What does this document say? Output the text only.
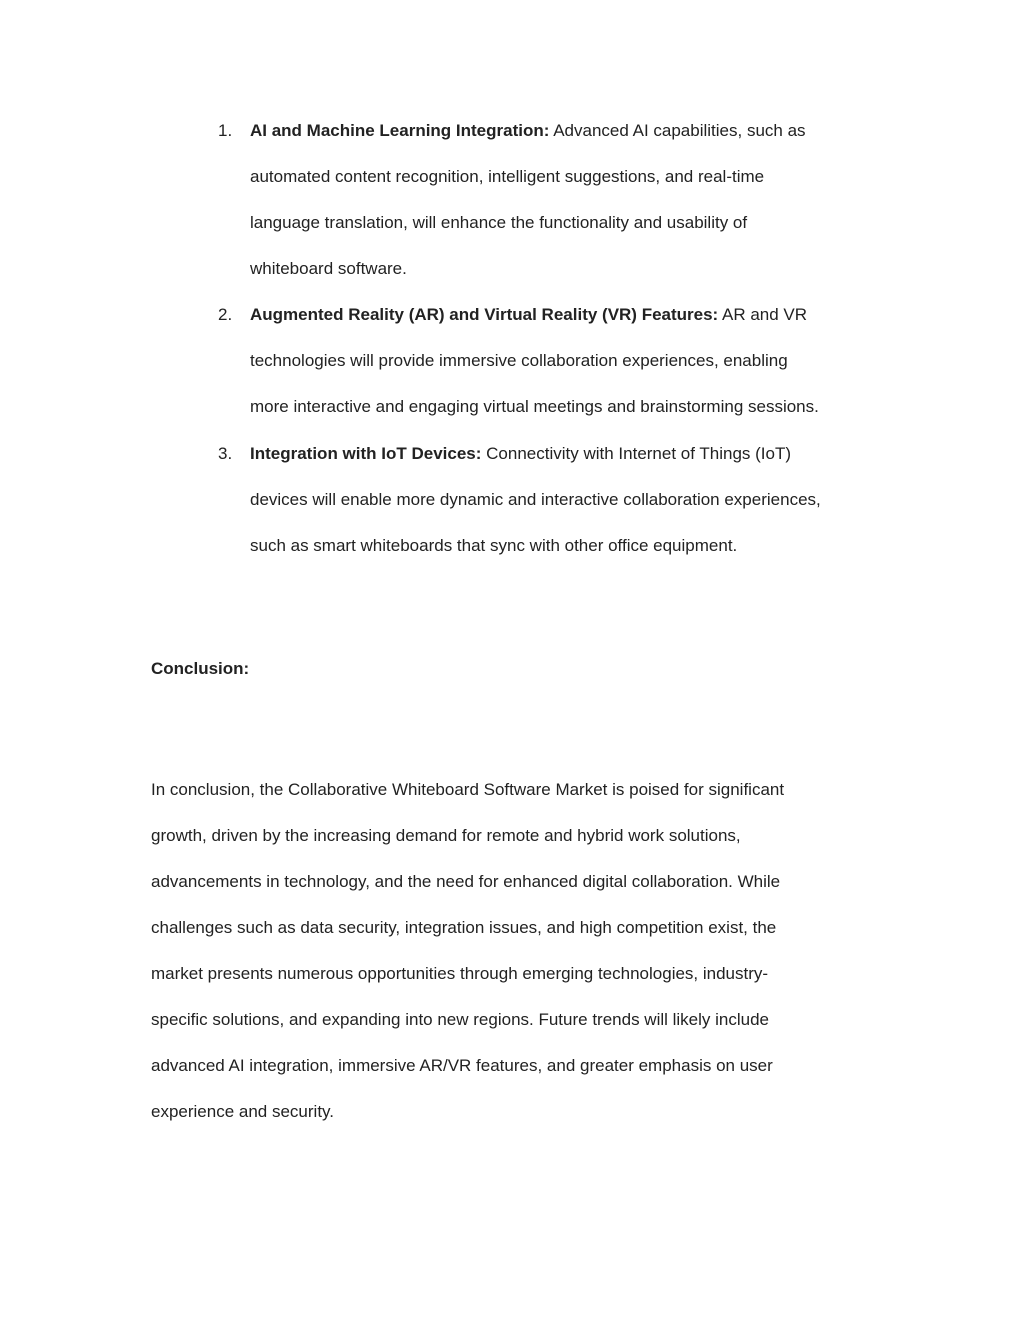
1. AI and Machine Learning Integration: Advanced AI capabilities, such as
automated content recognition, intelligent suggestions, and real-time
language translation, will enhance the functionality and usability of
whiteboard software.
2. Augmented Reality (AR) and Virtual Reality (VR) Features: AR and VR
technologies will provide immersive collaboration experiences, enabling
more interactive and engaging virtual meetings and brainstorming sessions.
3. Integration with IoT Devices: Connectivity with Internet of Things (IoT)
devices will enable more dynamic and interactive collaboration experiences,
such as smart whiteboards that sync with other office equipment.
Conclusion:
In conclusion, the Collaborative Whiteboard Software Market is poised for significant
growth, driven by the increasing demand for remote and hybrid work solutions,
advancements in technology, and the need for enhanced digital collaboration. While
challenges such as data security, integration issues, and high competition exist, the
market presents numerous opportunities through emerging technologies, industry-
specific solutions, and expanding into new regions. Future trends will likely include
advanced AI integration, immersive AR/VR features, and greater emphasis on user
experience and security.
